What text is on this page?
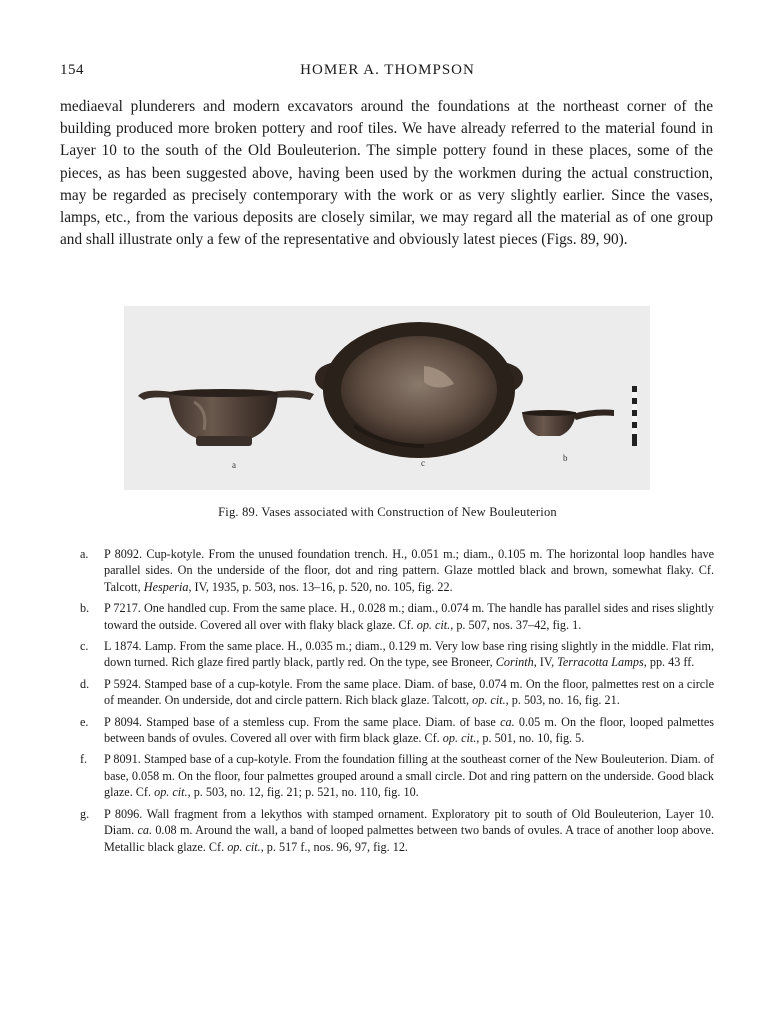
154	HOMER A. THOMPSON

mediaeval plunderers and modern excavators around the foundations at the northeast corner of the building produced more broken pottery and roof tiles. We have already referred to the material found in Layer 10 to the south of the Old Bouleuterion. The simple pottery found in these places, some of the pieces, as has been suggested above, having been used by the workmen during the actual construction, may be regarded as precisely contemporary with the work or as very slightly earlier. Since the vases, lamps, etc., from the various deposits are closely similar, we may regard all the material as of one group and shall illustrate only a few of the representative and obviously latest pieces (Figs. 89, 90).

a	c	b
Fig. 89. Vases associated with Construction of New Bouleuterion
a.	P 8092. Cup-kotyle. From the unused foundation trench. H., 0.051 m.; diam., 0.105 m. The horizontal loop handles have parallel sides. On the underside of the floor, dot and ring pattern. Glaze mottled black and brown, somewhat flaky. Cf. Talcott, Hesperia, IV, 1935, p. 503, nos. 13–16, p. 520, no. 105, fig. 22.
b.	P 7217. One handled cup. From the same place. H., 0.028 m.; diam., 0.074 m. The handle has parallel sides and rises slightly toward the outside. Covered all over with flaky black glaze. Cf. op. cit., p. 507, nos. 37–42, fig. 1.
c.	L 1874. Lamp. From the same place. H., 0.035 m.; diam., 0.129 m. Very low base ring rising slightly in the middle. Flat rim, down turned. Rich glaze fired partly black, partly red. On the type, see Broneer, Corinth, IV, Terracotta Lamps, pp. 43 ff.
d.	P 5924. Stamped base of a cup-kotyle. From the same place. Diam. of base, 0.074 m. On the floor, palmettes rest on a circle of meander. On underside, dot and circle pattern. Rich black glaze. Talcott, op. cit., p. 503, no. 16, fig. 21.
e.	P 8094. Stamped base of a stemless cup. From the same place. Diam. of base ca. 0.05 m. On the floor, looped palmettes between bands of ovules. Covered all over with firm black glaze. Cf. op. cit., p. 501, no. 10, fig. 5.
f.	P 8091. Stamped base of a cup-kotyle. From the foundation filling at the southeast corner of the New Bouleuterion. Diam. of base, 0.058 m. On the floor, four palmettes grouped around a small circle. Dot and ring pattern on the underside. Good black glaze. Cf. op. cit., p. 503, no. 12, fig. 21; p. 521, no. 110, fig. 10.
g.	P 8096. Wall fragment from a lekythos with stamped ornament. Exploratory pit to south of Old Bouleuterion, Layer 10. Diam. ca. 0.08 m. Around the wall, a band of looped palmettes between two bands of ovules. A trace of another loop above. Metallic black glaze. Cf. op. cit., p. 517 f., nos. 96, 97, fig. 12.
